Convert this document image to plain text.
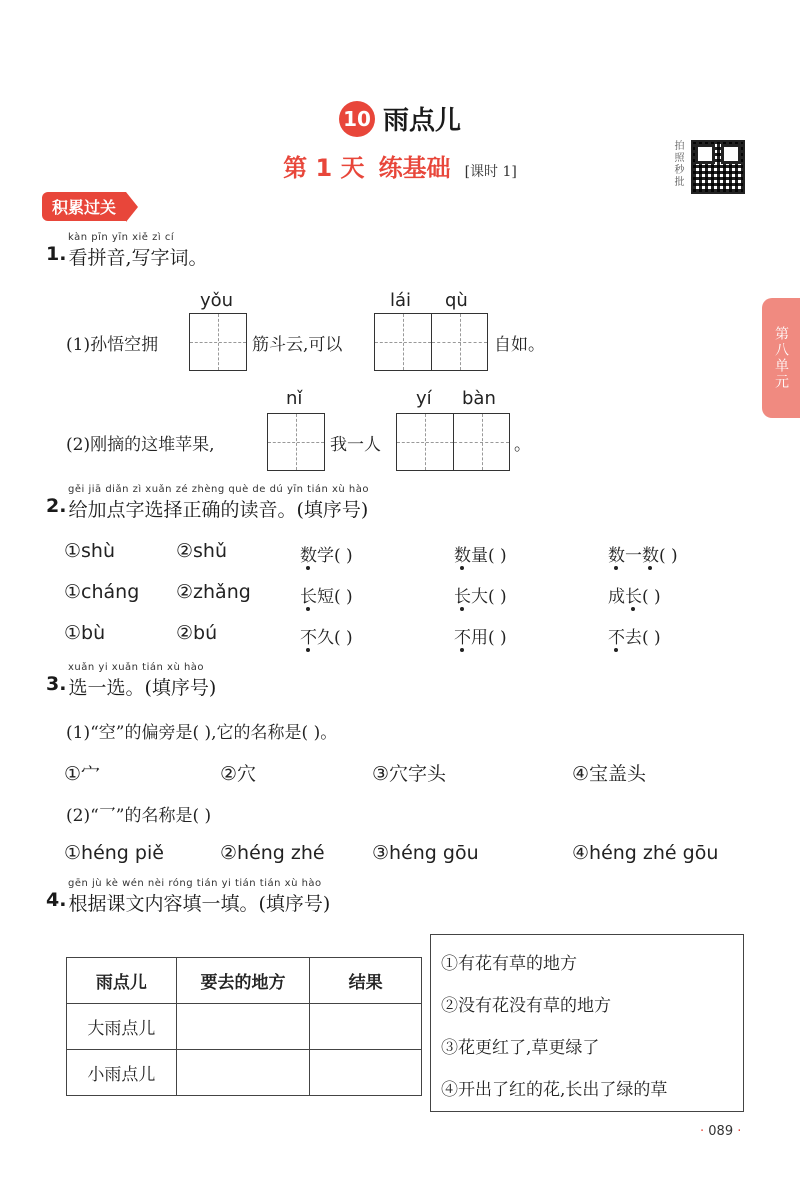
10 雨点儿
第 1 天 练基础 [课时 1]	拍照秒批
积累过关
第八单元
kàn pīn yīn xiě zì cí
1. 看拼音,写字词。
yǒu	lái qù
(1)孙悟空拥	筋斗云,可以	自如。
nǐ	yí bàn
(2)刚摘的这堆苹果,	我一人	。
gěi jiā diǎn zì xuǎn zé zhèng què de dú yīn tián xù hào
2. 给加点字选择正确的读音。(填序号)
①shù	②shǔ	数学( )	数量( )	数一数( )
①cháng ②zhǎng	长短( )	长大( )	成长( )
①bù	②bú	不久( )	不用( )	不去( )
xuǎn yi xuǎn tián xù hào
3. 选一选。(填序号)
(1)“空”的偏旁是( ),它的名称是( )。
①宀	②穴	③穴字头	④宝盖头
(2)“乛”的名称是( )
①héng piě	②héng zhé ③héng gōu	④héng zhé gōu
gēn jù kè wén nèi róng tián yi tián tián xù hào
4. 根据课文内容填一填。(填序号)
雨点儿	要去的地方	结果
大雨点儿		
小雨点儿		
①有花有草的地方
②没有花没有草的地方
③花更红了,草更绿了
④开出了红的花,长出了绿的草
· 089 ·
